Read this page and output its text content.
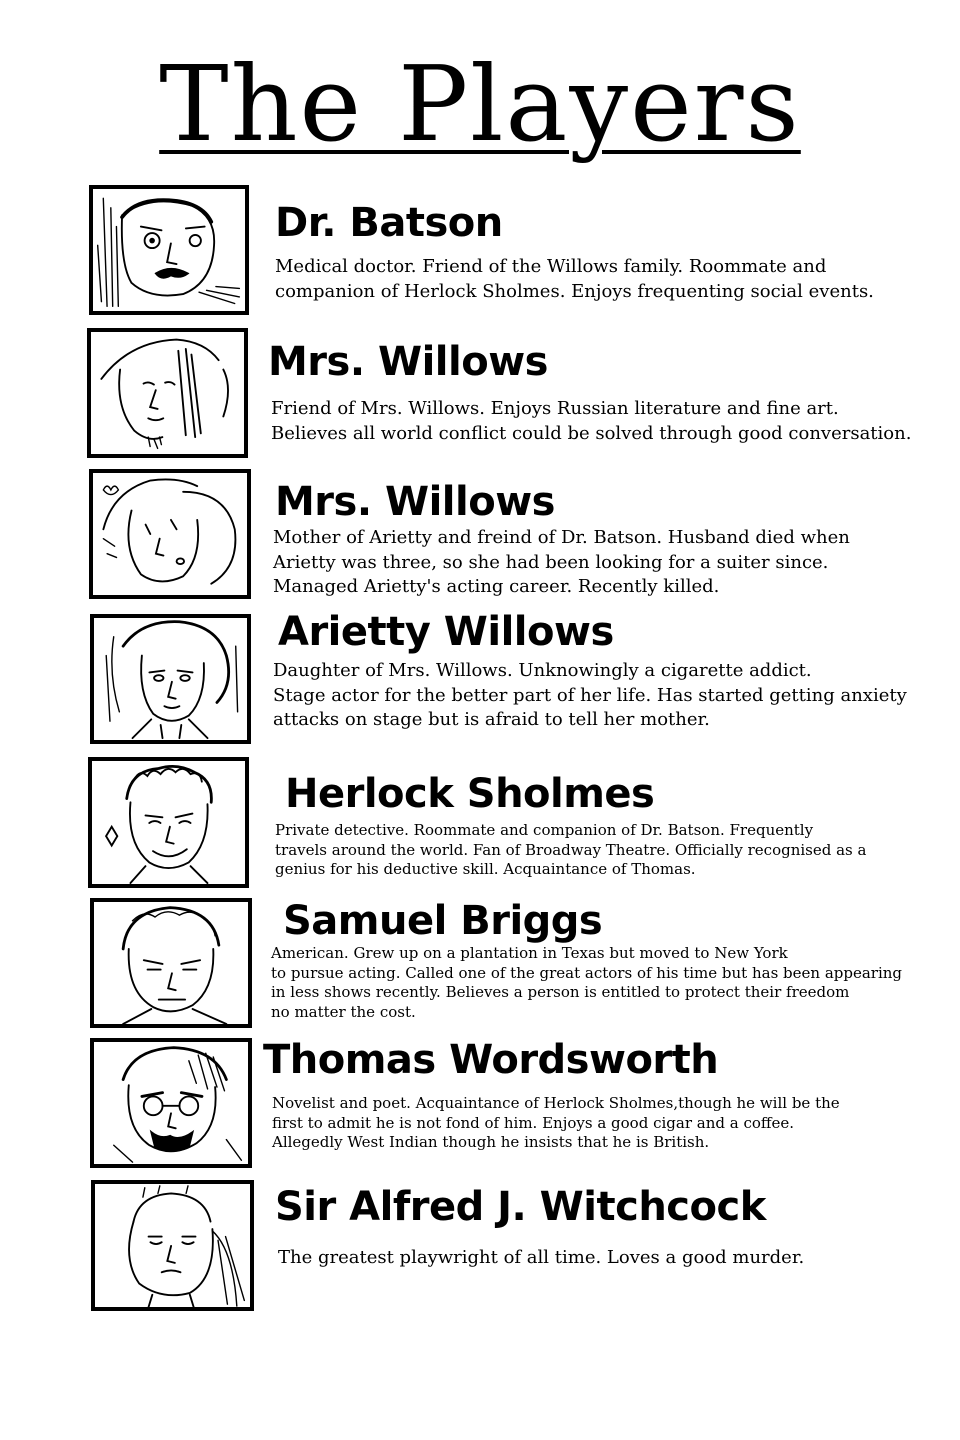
The Players

Dr. Batson

Medical doctor. Friend of the Willows family. Roommate and
companion of Herlock Sholmes. Enjoys frequenting social events.

Mrs. Willows

Friend of Mrs. Willows. Enjoys Russian literature and fine art.
Believes all world conflict could be solved through good conversation.

Mrs. Willows

Mother of Arietty and freind of Dr. Batson. Husband died when
Arietty was three, so she had been looking for a suiter since.
Managed Arietty's acting career. Recently killed.

Arietty Willows

Daughter of Mrs. Willows. Unknowingly a cigarette addict.
Stage actor for the better part of her life. Has started getting anxiety
attacks on stage but is afraid to tell her mother.

Herlock Sholmes

Private detective. Roommate and companion of Dr. Batson. Frequently
travels around the world. Fan of Broadway Theatre. Officially recognised as a
genius for his deductive skill. Acquaintance of Thomas.

Samuel Briggs

American. Grew up on a plantation in Texas but moved to New York
to pursue acting. Called one of the great actors of his time but has been appearing
in less shows recently. Believes a person is entitled to protect their freedom
no matter the cost.

Thomas Wordsworth

Novelist and poet. Acquaintance of Herlock Sholmes,though he will be the
first to admit he is not fond of him. Enjoys a good cigar and a coffee.
Allegedly West Indian though he insists that he is British.

Sir Alfred J. Witchcock

The greatest playwright of all time. Loves a good murder.
